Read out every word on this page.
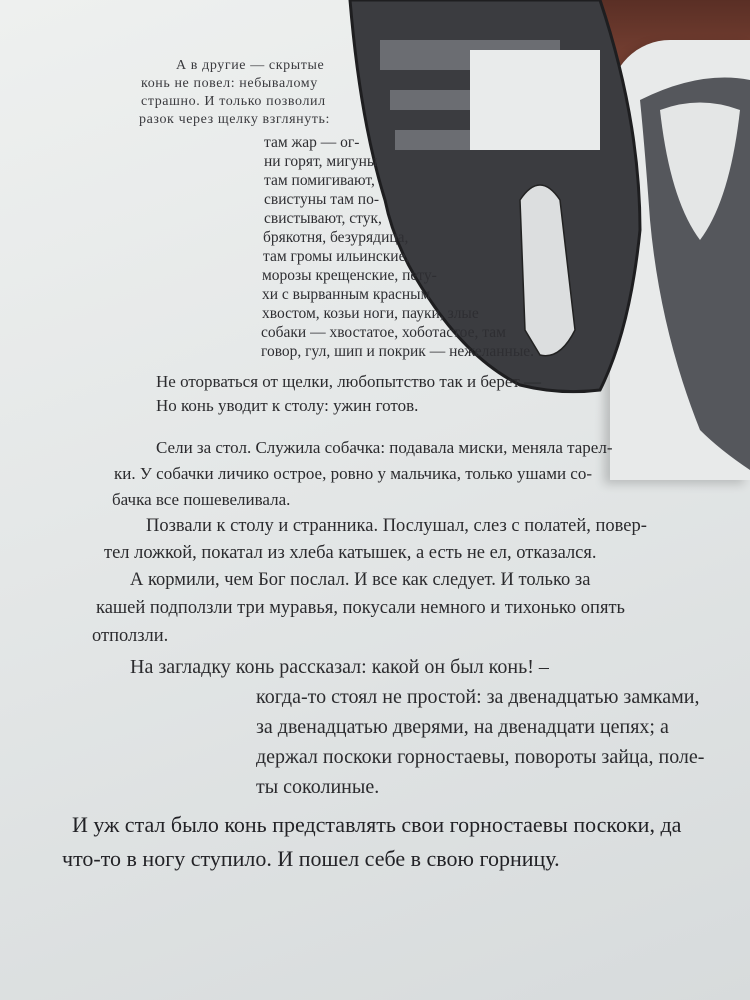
А в другие — скрытые
конь не повел: небывалому
страшно. И только позволил
разок через щелку взглянуть:
там жар — ог-
ни горят, мигуны
там помигивают,
свистуны там по-
свистывают, стук,
брякотня, безурядица,
там громы ильинские,
морозы крещенские, пету-
хи с вырванным красным
хвостом, козьи ноги, пауки, злые
собаки — хвостатое, хоботастое, там
говор, гул, шип и покрик — нежеланные.
Не оторваться от щелки, любопытство так и берет —
Но конь уводит к столу: ужин готов.
Сели за стол. Служила собачка: подавала миски, меняла тарел-
ки. У собачки личико острое, ровно у мальчика, только ушами со-
бачка все пошевеливала.
Позвали к столу и странника. Послушал, слез с полатей, повер-
тел ложкой, покатал из хлеба катышек, а есть не ел, отказался.
А кормили, чем Бог послал. И все как следует. И только за
кашей подползли три муравья, покусали немного и тихонько опять
отползли.
На загладку конь рассказал: какой он был конь! –
когда-то стоял не простой: за двенадцатью замками,
за двенадцатью дверями, на двенадцати цепях; а
держал поскоки горностаевы, повороты зайца, поле-
ты соколиные.
И уж стал было конь представлять свои горностаевы поскоки, да
что-то в ногу ступило. И пошел себе в свою горницу.
